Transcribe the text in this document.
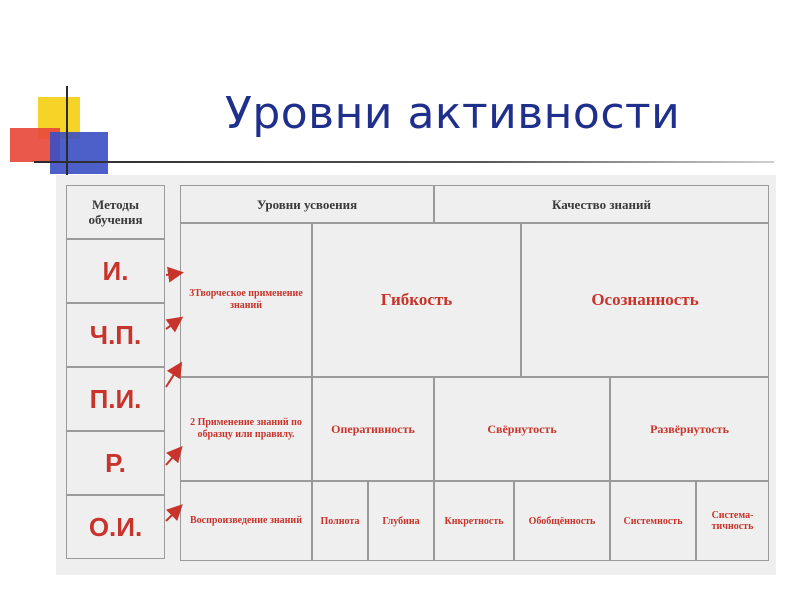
Уровни активности
Методы обучения
И.
Ч.П.
П.И.
Р.
О.И.
Уровни усвоения	Качество знаний
3Творческое применение знаний	Гибкость	Осознанность
2 Применение знаний по образцу или правилу.	Оперативность	Свёрнутость	Развёрнутость
Воспроизведение знаний	Полнота	Глубина	Кнкретность	Обобщённость	Системность	Система-тичность
